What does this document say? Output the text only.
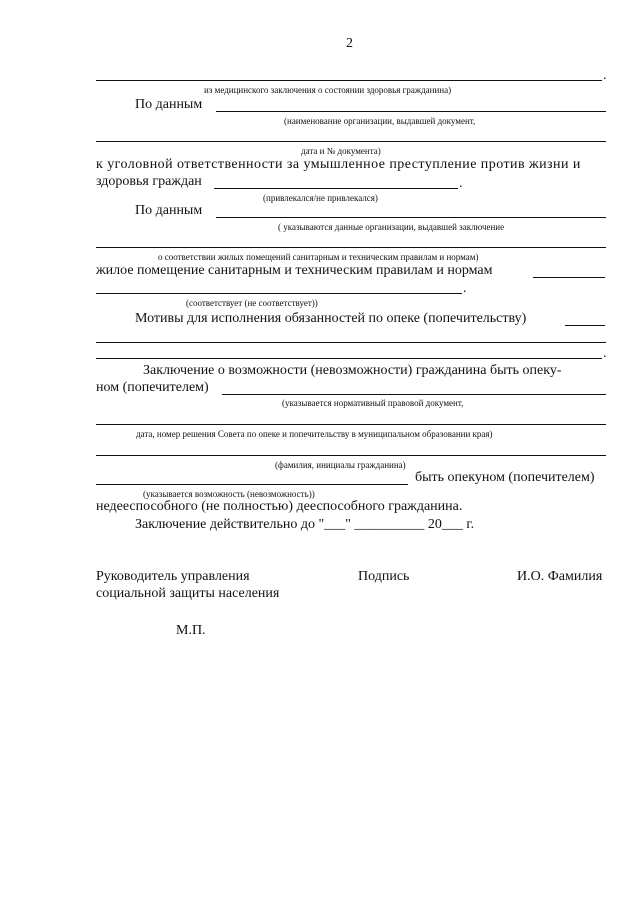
2
.
из медицинского заключения о состоянии здоровья гражданина)
По данным
(наименование организации, выдавшей документ,
дата и № документа)
к уголовной ответственности за умышленное преступление против жизни и
здоровья граждан	.
(привлекался/не привлекался)
По данным
( указываются данные организации, выдавшей заключение
о соответствии жилых помещений санитарным и техническим правилам и нормам)
жилое помещение санитарным и техническим правилам и нормам
.
(соответствует (не соответствует))
Мотивы для исполнения обязанностей по опеке (попечительству)
.
Заключение о возможности (невозможности) гражданина быть опеку-
ном (попечителем)
(указывается нормативный правовой документ,
дата, номер решения Совета по опеке и попечительству в муниципальном образовании края)
(фамилия, инициалы гражданина)
быть опекуном (попечителем)
(указывается возможность (невозможность))
недееспособного (не полностью) дееспособного гражданина.
Заключение действительно до "___" __________ 20___ г.
Руководитель управления
социальной защиты населения
Подпись	И.О. Фамилия
М.П.
